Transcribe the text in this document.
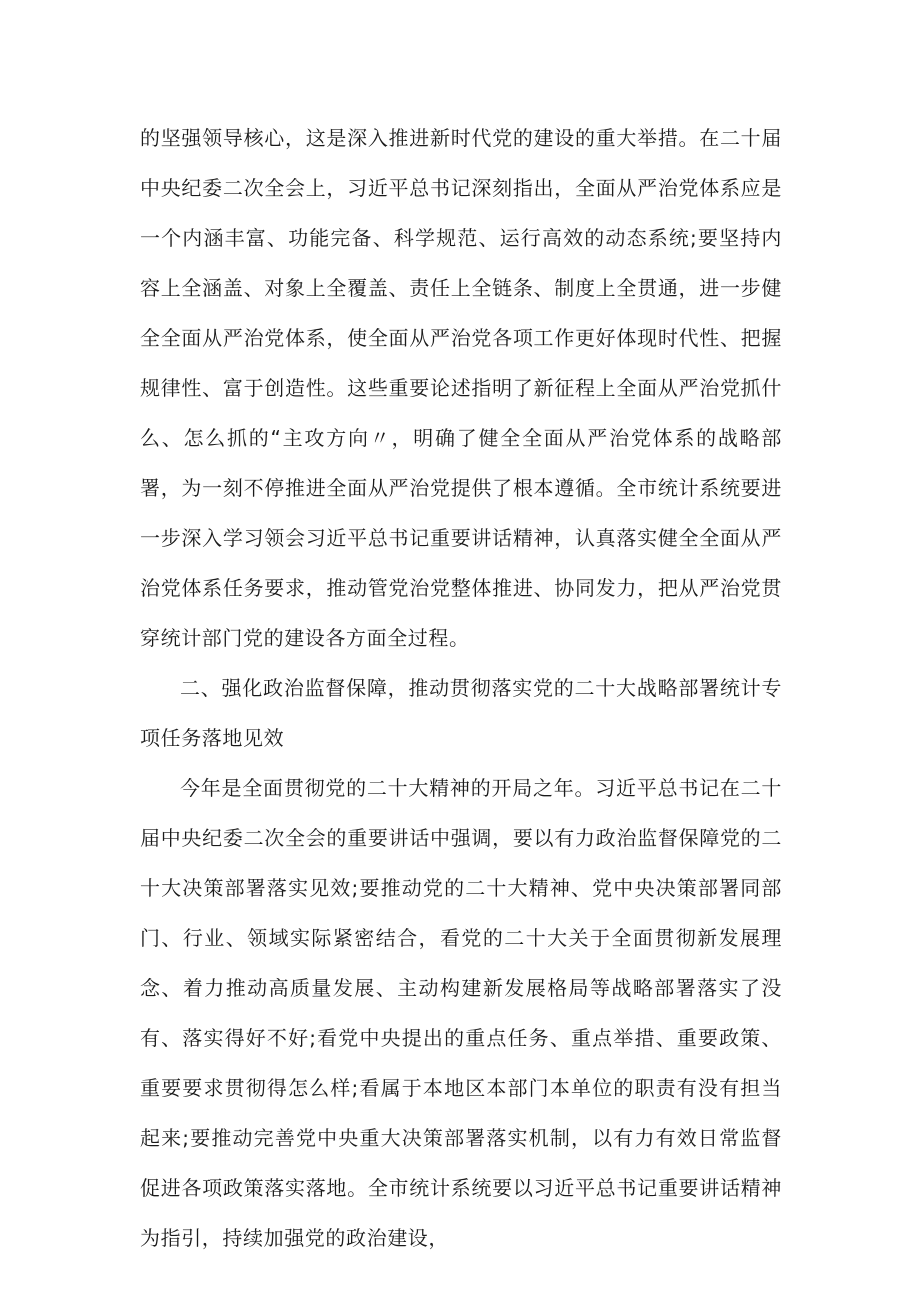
的坚强领导核心，这是深入推进新时代党的建设的重大举措。在二十届中央纪委二次全会上，习近平总书记深刻指出，全面从严治党体系应是一个内涵丰富、功能完备、科学规范、运行高效的动态系统;要坚持内容上全涵盖、对象上全覆盖、责任上全链条、制度上全贯通，进一步健全全面从严治党体系，使全面从严治党各项工作更好体现时代性、把握规律性、富于创造性。这些重要论述指明了新征程上全面从严治党抓什么、怎么抓的“主攻方向〃，明确了健全全面从严治党体系的战略部署，为一刻不停推进全面从严治党提供了根本遵循。全市统计系统要进一步深入学习领会习近平总书记重要讲话精神，认真落实健全全面从严治党体系任务要求，推动管党治党整体推进、协同发力，把从严治党贯穿统计部门党的建设各方面全过程。

二、强化政治监督保障，推动贯彻落实党的二十大战略部署统计专项任务落地见效

今年是全面贯彻党的二十大精神的开局之年。习近平总书记在二十届中央纪委二次全会的重要讲话中强调，要以有力政治监督保障党的二十大决策部署落实见效;要推动党的二十大精神、党中央决策部署同部门、行业、领域实际紧密结合，看党的二十大关于全面贯彻新发展理念、着力推动高质量发展、主动构建新发展格局等战略部署落实了没有、落实得好不好;看党中央提出的重点任务、重点举措、重要政策、重要要求贯彻得怎么样;看属于本地区本部门本单位的职责有没有担当起来;要推动完善党中央重大决策部署落实机制，以有力有效日常监督促进各项政策落实落地。全市统计系统要以习近平总书记重要讲话精神为指引，持续加强党的政治建设，
